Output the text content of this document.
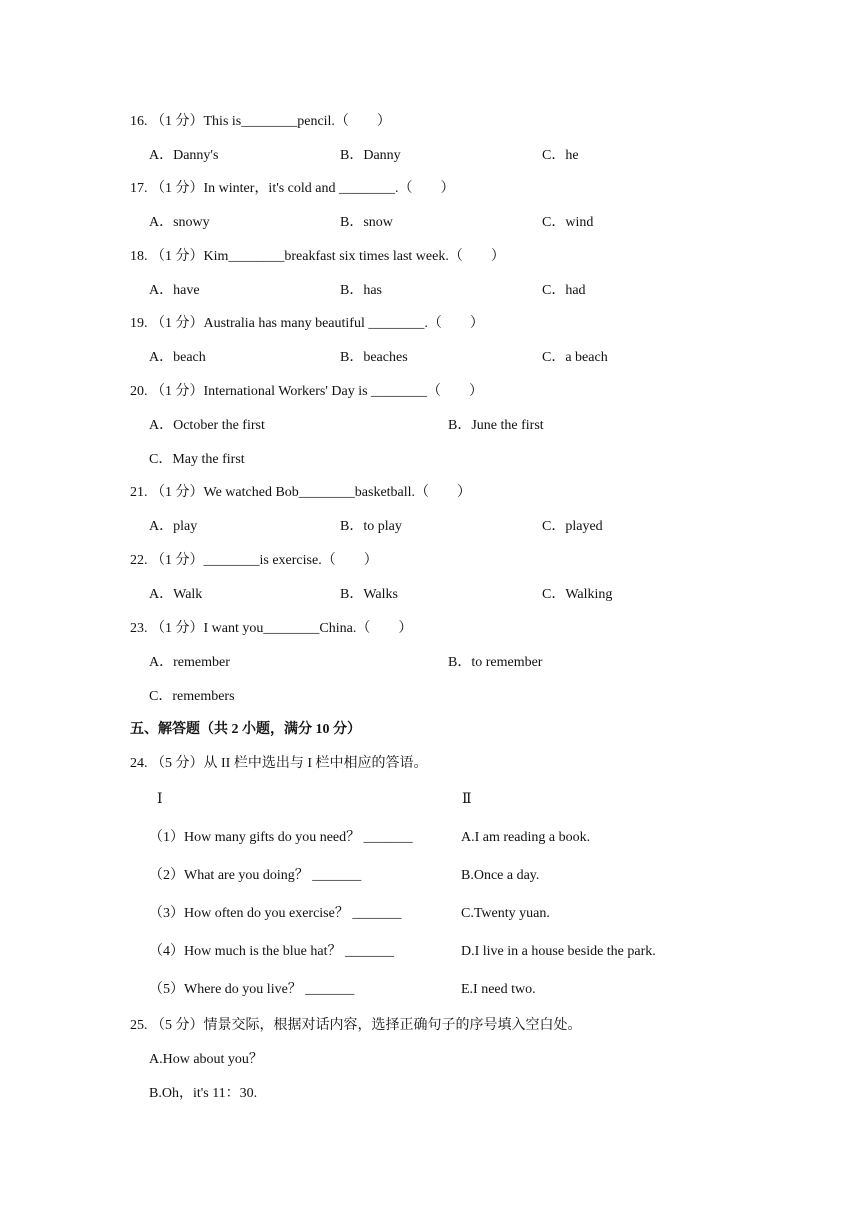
16. （1 分）This is________pencil.（　　）
A．Danny's	B．Danny	C．he
17. （1 分）In winter，it's cold and ________.（　　）
A．snowy	B．snow	C．wind
18. （1 分）Kim________breakfast six times last week.（　　）
A．have	B．has	C．had
19. （1 分）Australia has many beautiful ________.（　　）
A．beach	B．beaches	C．a beach
20. （1 分）International Workers' Day is ________（　　）
A．October the first	B．June the first
C．May the first
21. （1 分）We watched Bob________basketball.（　　）
A．play	B．to play	C．played
22. （1 分）________is exercise.（　　）
A．Walk	B．Walks	C．Walking
23. （1 分）I want you________China.（　　）
A．remember	B．to remember
C．remembers
五、解答题（共 2 小题，满分 10 分）
24. （5 分）从 II 栏中选出与 I 栏中相应的答语。
Ⅰ	Ⅱ
（1）How many gifts do you need？ _______	A.I am reading a book.
（2）What are you doing？ _______	B.Once a day.
（3）How often do you exercise？ _______	C.Twenty yuan.
（4）How much is the blue hat？ _______	D.I live in a house beside the park.
（5）Where do you live？ _______	E.I need two.
25. （5 分）情景交际，根据对话内容，选择正确句子的序号填入空白处。
A.How about you？
B.Oh，it's 11：30.
